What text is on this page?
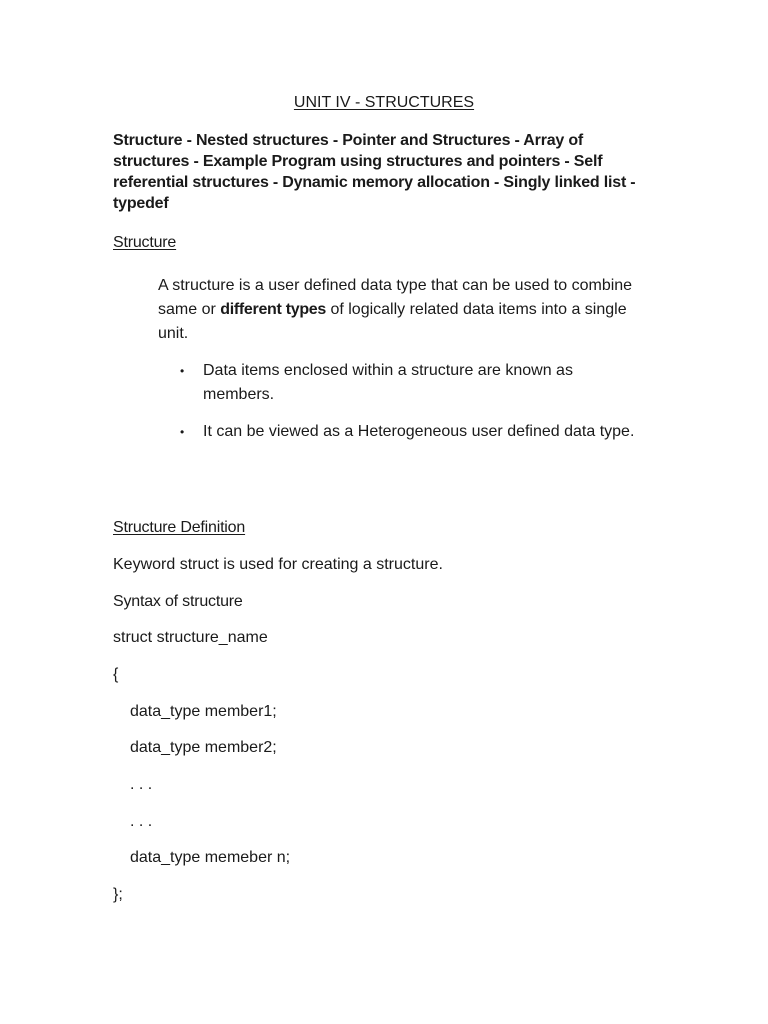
UNIT IV - STRUCTURES
Structure - Nested structures - Pointer and Structures - Array of structures - Example Program using structures and pointers - Self referential structures - Dynamic memory allocation - Singly linked list - typedef
Structure
A structure is a user defined data type that can be used to combine same or different types of logically related data items into a single unit.
• Data items enclosed within a structure are known as members.
• It can be viewed as a Heterogeneous user defined data type.
Structure Definition
Keyword struct is used for creating a structure.
Syntax of structure
struct structure_name
{
data_type member1;
data_type member2;
. . .
. . .
data_type memeber n;
};
